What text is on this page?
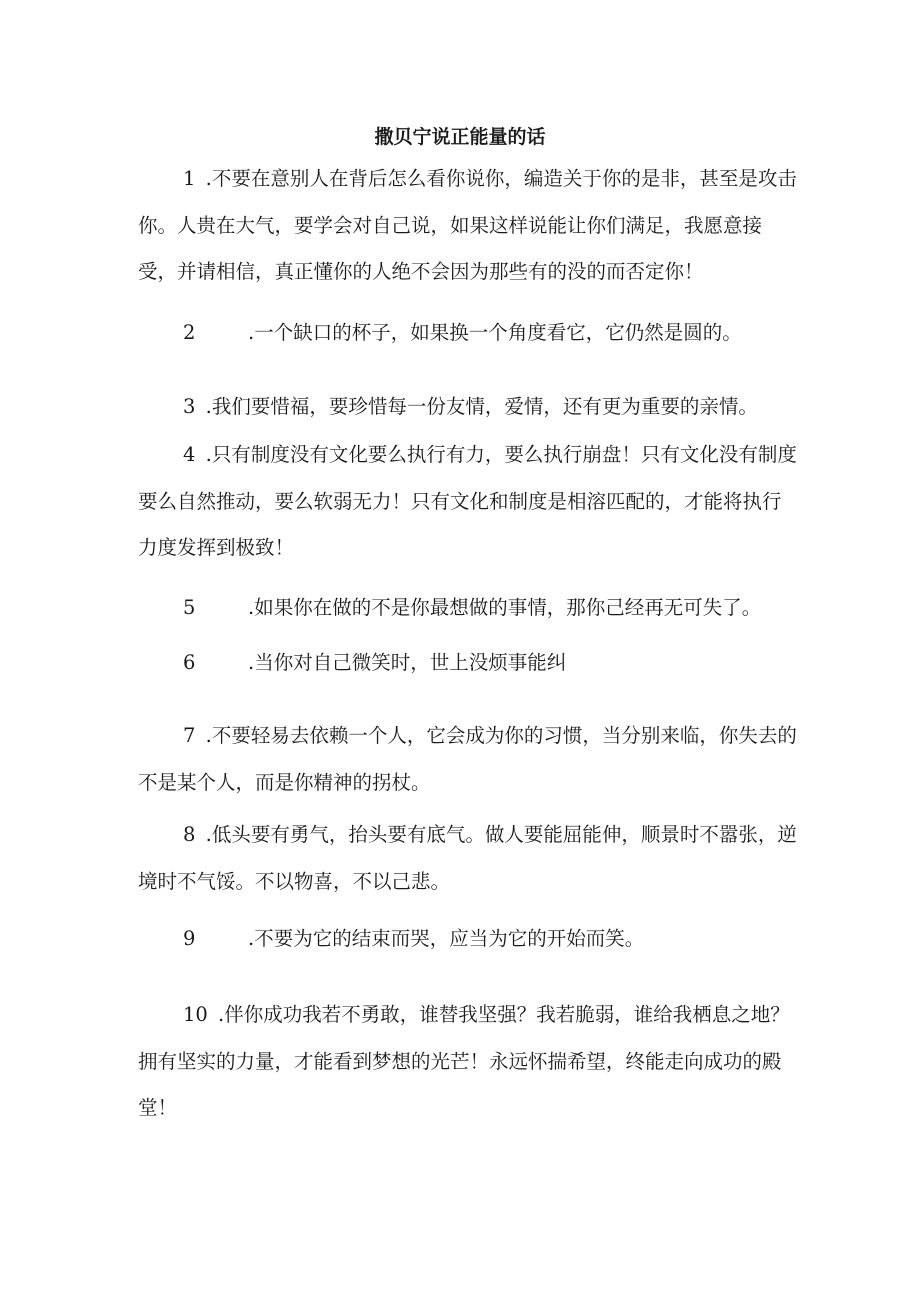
撒贝宁说正能量的话

1 .不要在意别人在背后怎么看你说你，编造关于你的是非，甚至是攻击你。人贵在大气，要学会对自己说，如果这样说能让你们满足，我愿意接受，并请相信，真正懂你的人绝不会因为那些有的没的而否定你！

2	.一个缺口的杯子，如果换一个角度看它，它仍然是圆的。

3 .我们要惜福，要珍惜每一份友情，爱情，还有更为重要的亲情。

4 .只有制度没有文化要么执行有力，要么执行崩盘！只有文化没有制度要么自然推动，要么软弱无力！只有文化和制度是相溶匹配的，才能将执行力度发挥到极致！

5	.如果你在做的不是你最想做的事情，那你己经再无可失了。

6	.当你对自己微笑时，世上没烦事能纠

7 .不要轻易去依赖一个人，它会成为你的习惯，当分别来临，你失去的不是某个人，而是你精神的拐杖。

8 .低头要有勇气，抬头要有底气。做人要能屈能伸，顺景时不嚣张，逆境时不气馁。不以物喜，不以己悲。

9	.不要为它的结束而哭，应当为它的开始而笑。

10 .伴你成功我若不勇敢，谁替我坚强？我若脆弱，谁给我栖息之地？拥有坚实的力量，才能看到梦想的光芒！永远怀揣希望，终能走向成功的殿堂！
